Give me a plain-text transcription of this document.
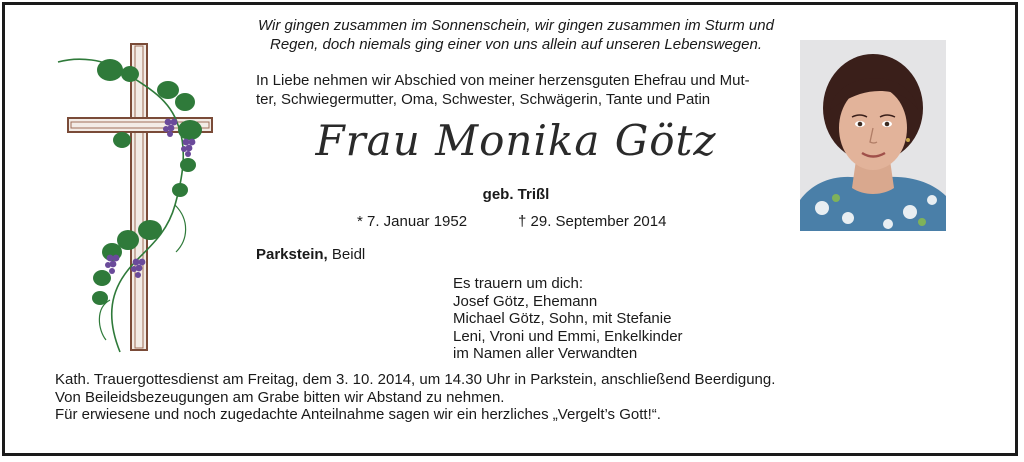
Wir gingen zusammen im Sonnenschein, wir gingen zusammen im Sturm und
Regen, doch niemals ging einer von uns allein auf unseren Lebenswegen.
In Liebe nehmen wir Abschied von meiner herzensguten Ehefrau und Mut-
ter, Schwiegermutter, Oma, Schwester, Schwägerin, Tante und Patin
Frau Monika Götz
geb. Trißl
* 7. Januar 1952	† 29. September 2014
Parkstein, Beidl
Es trauern um dich:
Josef Götz, Ehemann
Michael Götz, Sohn, mit Stefanie
Leni, Vroni und Emmi, Enkelkinder
im Namen aller Verwandten
Kath. Trauergottesdienst am Freitag, dem 3. 10. 2014, um 14.30 Uhr in Parkstein, anschließend Beerdigung.
Von Beileidsbezeugungen am Grabe bitten wir Abstand zu nehmen.
Für erwiesene und noch zugedachte Anteilnahme sagen wir ein herzliches „Vergelt’s Gott!“.
